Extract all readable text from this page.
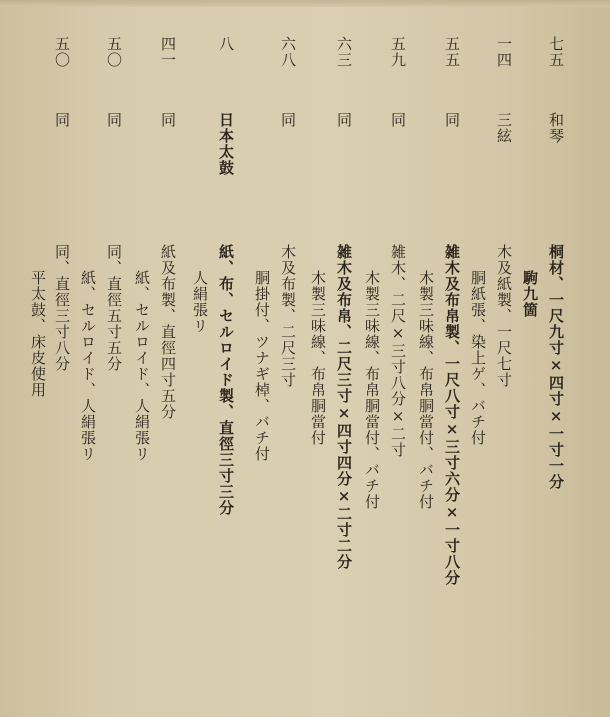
七五
和琴
桐材、一尺九寸×四寸×一寸一分
駒九箇
一四
三絃
木及紙製、一尺七寸
胴紙張、染上ゲ、バチ付
五五
同
雑木及布帛製、一尺八寸×三寸六分×一寸八分
木製三味線、布帛胴當付、バチ付
五九
同
雑木、二尺×三寸八分×二寸
木製三味線、布帛胴當付、バチ付
六三
同
雑木及布帛、二尺三寸×四寸四分×二寸二分
木製三味線、布帛胴當付
六八
同
木及布製、二尺三寸
胴掛付、ツナギ棹、バチ付
八
日本太鼓
紙、布、セルロイド製、直徑三寸三分
人絹張リ
四一
同
紙及布製、直徑四寸五分
紙、セルロイド、人絹張リ
五〇
同
同、直徑五寸五分
紙、セルロイド、人絹張リ
五〇
同
同、直徑三寸八分
平太鼓、床皮使用
